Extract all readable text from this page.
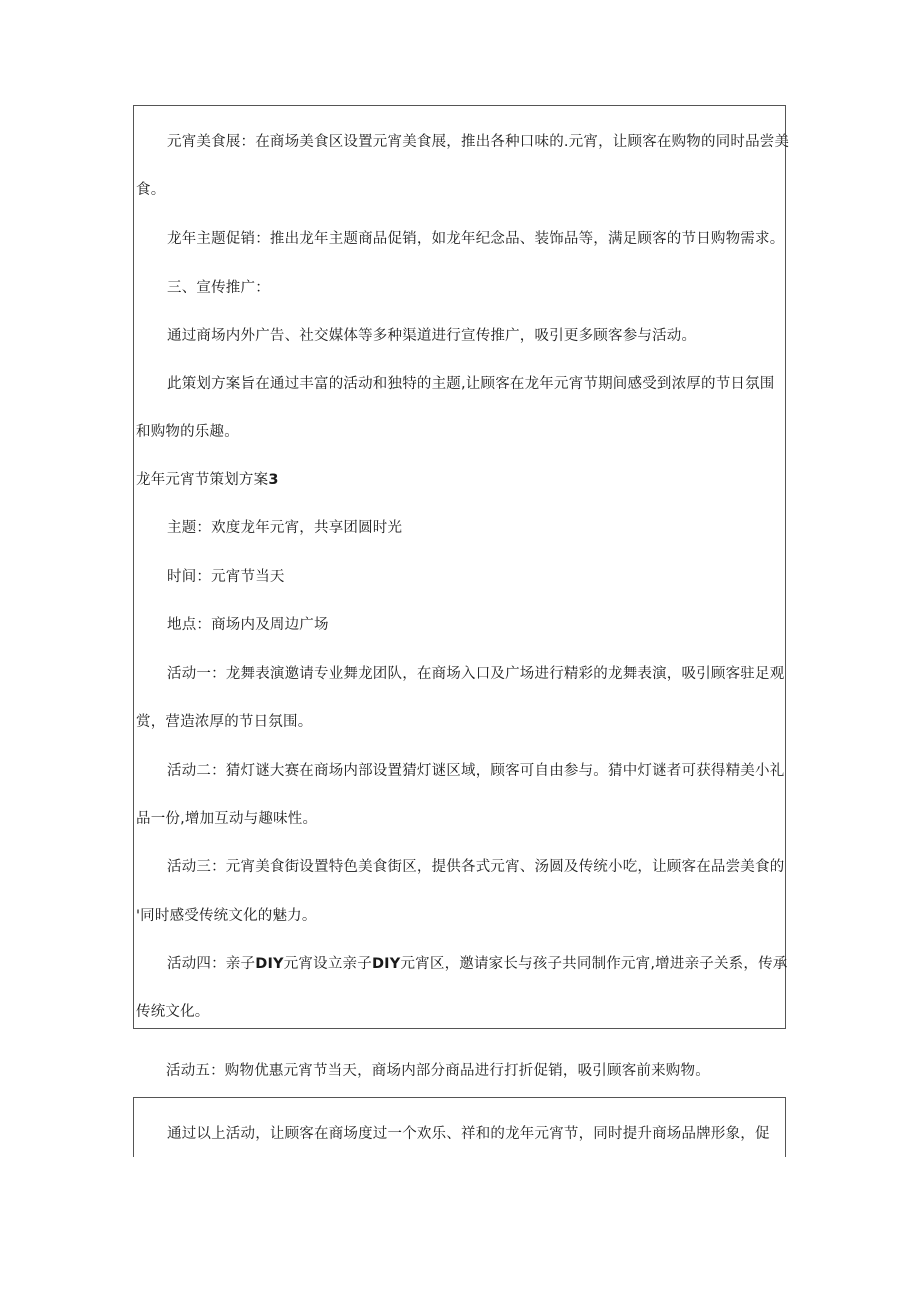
元宵美食展：在商场美食区设置元宵美食展，推出各种口味的.元宵，让顾客在购物的同时品尝美
食。
龙年主题促销：推出龙年主题商品促销，如龙年纪念品、装饰品等，满足顾客的节日购物需求。
三、宣传推广：
通过商场内外广告、社交媒体等多种渠道进行宣传推广，吸引更多顾客参与活动。
此策划方案旨在通过丰富的活动和独特的主题,让顾客在龙年元宵节期间感受到浓厚的节日氛围
和购物的乐趣。
龙年元宵节策划方案3
主题：欢度龙年元宵，共享团圆时光
时间：元宵节当天
地点：商场内及周边广场
活动一：龙舞表演邀请专业舞龙团队，在商场入口及广场进行精彩的龙舞表演，吸引顾客驻足观
赏，营造浓厚的节日氛围。
活动二：猜灯谜大赛在商场内部设置猜灯谜区域，顾客可自由参与。猜中灯谜者可获得精美小礼
品一份,增加互动与趣味性。
活动三：元宵美食街设置特色美食街区，提供各式元宵、汤圆及传统小吃，让顾客在品尝美食的
'同时感受传统文化的魅力。
活动四：亲子DIY元宵设立亲子DIY元宵区，邀请家长与孩子共同制作元宵,增进亲子关系，传承
传统文化。
活动五：购物优惠元宵节当天，商场内部分商品进行打折促销，吸引顾客前来购物。
通过以上活动，让顾客在商场度过一个欢乐、祥和的龙年元宵节，同时提升商场品牌形象，促
